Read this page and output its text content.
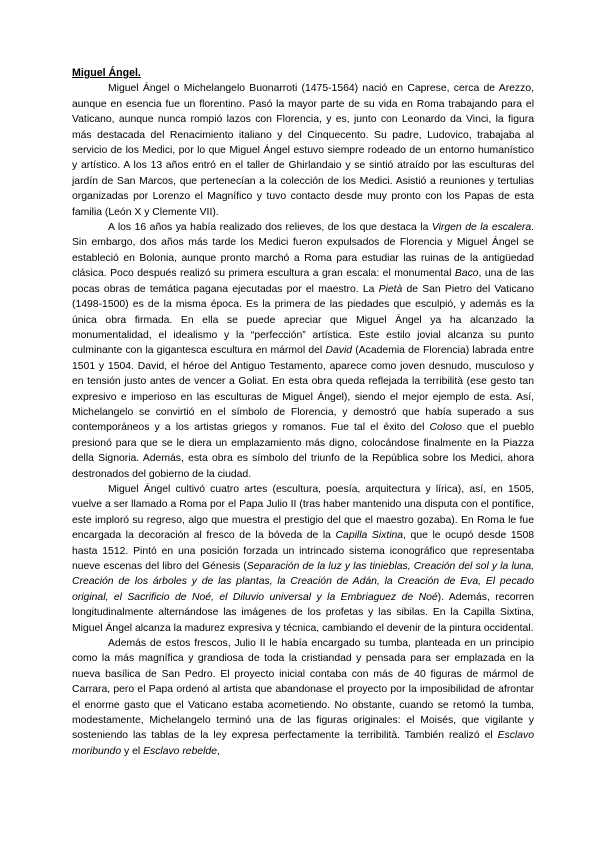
Miguel Ángel.

Miguel Ángel o Michelangelo Buonarroti (1475-1564) nació en Caprese, cerca de Arezzo, aunque en esencia fue un florentino. Pasó la mayor parte de su vida en Roma trabajando para el Vaticano, aunque nunca rompió lazos con Florencia, y es, junto con Leonardo da Vinci, la figura más destacada del Renacimiento italiano y del Cinquecento. Su padre, Ludovico, trabajaba al servicio de los Medici, por lo que Miguel Ángel estuvo siempre rodeado de un entorno humanístico y artístico. A los 13 años entró en el taller de Ghirlandaio y se sintió atraído por las esculturas del jardín de San Marcos, que pertenecían a la colección de los Medici. Asistió a reuniones y tertulias organizadas por Lorenzo el Magnífico y tuvo contacto desde muy pronto con los Papas de esta familia (León X y Clemente VII).

A los 16 años ya había realizado dos relieves, de los que destaca la Virgen de la escalera. Sin embargo, dos años más tarde los Medici fueron expulsados de Florencia y Miguel Ángel se estableció en Bolonia, aunque pronto marchó a Roma para estudiar las ruinas de la antigüedad clásica. Poco después realizó su primera escultura a gran escala: el monumental Baco, una de las pocas obras de temática pagana ejecutadas por el maestro. La Pietà de San Pietro del Vaticano (1498-1500) es de la misma época. Es la primera de las piedades que esculpió, y además es la única obra firmada. En ella se puede apreciar que Miguel Ángel ya ha alcanzado la monumentalidad, el idealismo y la “perfección” artística. Este estilo jovial alcanza su punto culminante con la gigantesca escultura en mármol del David (Academia de Florencia) labrada entre 1501 y 1504. David, el héroe del Antiguo Testamento, aparece como joven desnudo, musculoso y en tensión justo antes de vencer a Goliat. En esta obra queda reflejada la terribilità (ese gesto tan expresivo e imperioso en las esculturas de Miguel Ángel), siendo el mejor ejemplo de esta. Así, Michelangelo se convirtió en el símbolo de Florencia, y demostró que había superado a sus contemporáneos y a los artistas griegos y romanos. Fue tal el éxito del Coloso que el pueblo presionó para que se le diera un emplazamiento más digno, colocándose finalmente en la Piazza della Signoria. Además, esta obra es símbolo del triunfo de la República sobre los Medici, ahora destronados del gobierno de la ciudad.

Miguel Ángel cultivó cuatro artes (escultura, poesía, arquitectura y lírica), así, en 1505, vuelve a ser llamado a Roma por el Papa Julio II (tras haber mantenido una disputa con el pontífice, este imploró su regreso, algo que muestra el prestigio del que el maestro gozaba). En Roma le fue encargada la decoración al fresco de la bóveda de la Capilla Sixtina, que le ocupó desde 1508 hasta 1512. Pintó en una posición forzada un intrincado sistema iconográfico que representaba nueve escenas del libro del Génesis (Separación de la luz y las tinieblas, Creación del sol y la luna, Creación de los árboles y de las plantas, la Creación de Adán, la Creación de Eva, El pecado original, el Sacrificio de Noé, el Diluvio universal y la Embriaguez de Noé). Además, recorren longitudinalmente alternándose las imágenes de los profetas y las sibilas. En la Capilla Sixtina, Miguel Ángel alcanza la madurez expresiva y técnica, cambiando el devenir de la pintura occidental.

Además de estos frescos, Julio II le había encargado su tumba, planteada en un principio como la más magnífica y grandiosa de toda la cristiandad y pensada para ser emplazada en la nueva basílica de San Pedro. El proyecto inicial contaba con más de 40 figuras de mármol de Carrara, pero el Papa ordenó al artista que abandonase el proyecto por la imposibilidad de afrontar el enorme gasto que el Vaticano estaba acometiendo. No obstante, cuando se retomó la tumba, modestamente, Michelangelo terminó una de las figuras originales: el Moisés, que vigilante y sosteniendo las tablas de la ley expresa perfectamente la terribilità. También realizó el Esclavo moribundo y el Esclavo rebelde,
